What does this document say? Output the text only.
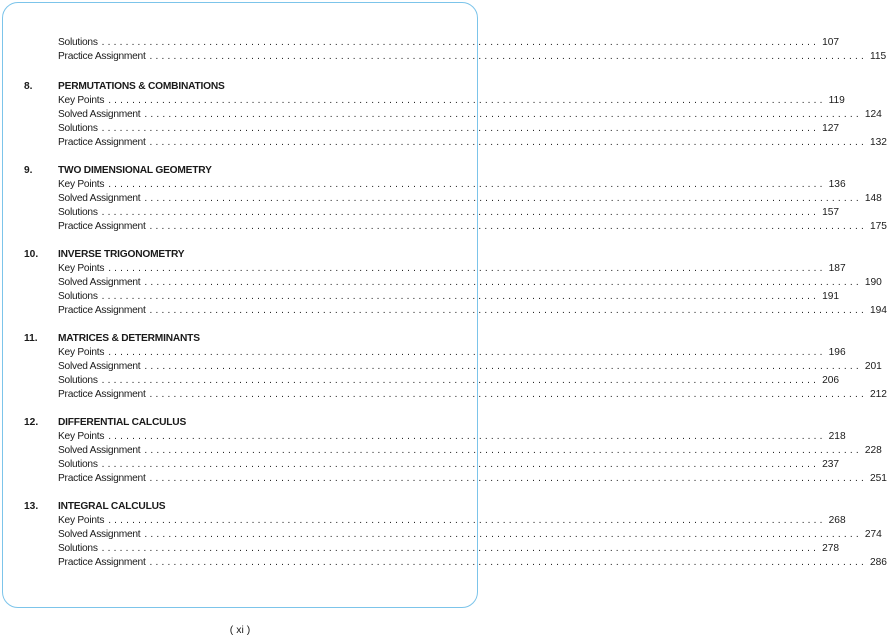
Solutions ........................................................................................................................ 107
Practice Assignment ........................................................................................................................ 115
8.	PERMUTATIONS & COMBINATIONS
Key Points ........................................................................................................................ 119
Solved Assignment ........................................................................................................................ 124
Solutions ........................................................................................................................ 127
Practice Assignment ........................................................................................................................ 132
9.	TWO DIMENSIONAL GEOMETRY
Key Points ........................................................................................................................ 136
Solved Assignment ........................................................................................................................ 148
Solutions ........................................................................................................................ 157
Practice Assignment ........................................................................................................................ 175
10. INVERSE TRIGONOMETRY
Key Points ........................................................................................................................ 187
Solved Assignment ........................................................................................................................ 190
Solutions ........................................................................................................................ 191
Practice Assignment ........................................................................................................................ 194
11. MATRICES & DETERMINANTS
Key Points ........................................................................................................................ 196
Solved Assignment ........................................................................................................................ 201
Solutions ........................................................................................................................ 206
Practice Assignment ........................................................................................................................ 212
12. DIFFERENTIAL CALCULUS
Key Points ........................................................................................................................ 218
Solved Assignment ........................................................................................................................ 228
Solutions ........................................................................................................................ 237
Practice Assignment ........................................................................................................................ 251
13. INTEGRAL CALCULUS
Key Points ........................................................................................................................ 268
Solved Assignment ........................................................................................................................ 274
Solutions ........................................................................................................................ 278
Practice Assignment ........................................................................................................................ 286
( xi )
